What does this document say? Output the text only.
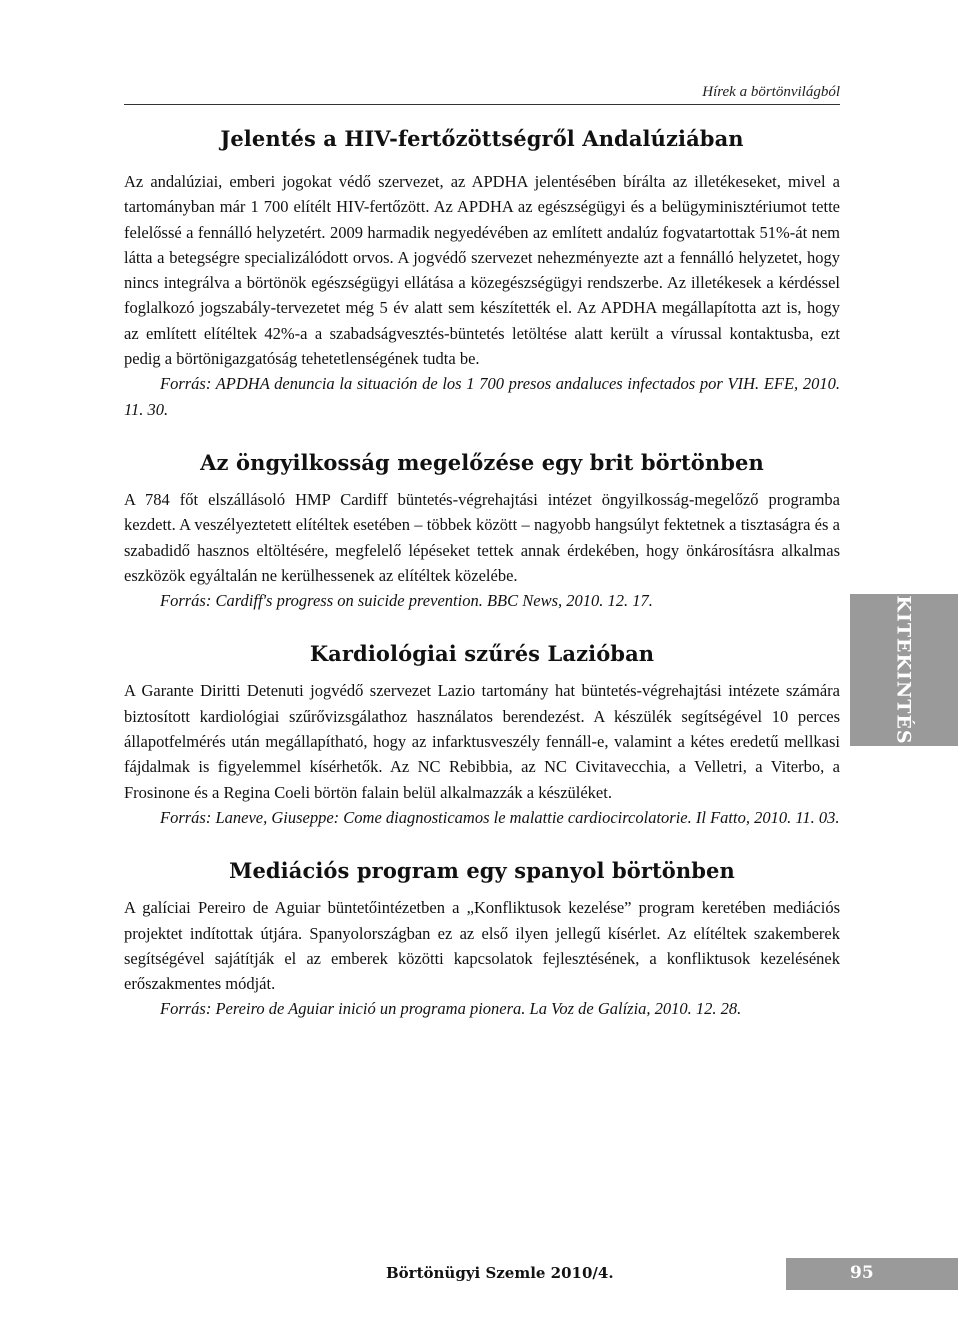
Hírek a börtönvilágból
Jelentés a HIV-fertőzöttségről Andalúziában

Az andalúziai, emberi jogokat védő szervezet, az APDHA jelentésében bírálta az illetékeseket, mivel a tartományban már 1 700 elítélt HIV-fertőzött. Az APDHA az egészségügyi és a belügyminisztériumot tette felelőssé a fennálló helyzetért. 2009 harmadik negyedévében az említett andalúz fogvatartottak 51%-át nem látta a betegségre specializálódott orvos. A jogvédő szervezet nehezményezte azt a fennálló helyzetet, hogy nincs integrálva a börtönök egészségügyi ellátása a közegészségügyi rendszerbe. Az illetékesek a kérdéssel foglalkozó jogszabály-tervezetet még 5 év alatt sem készítették el. Az APDHA megállapította azt is, hogy az említett elítéltek 42%-a a szabadságvesztés-büntetés letöltése alatt került a vírussal kontaktusba, ezt pedig a börtönigazgatóság tehetetlenségének tudta be.

Forrás: APDHA denuncia la situación de los 1 700 presos andaluces infectados por VIH. EFE, 2010. 11. 30.

Az öngyilkosság megelőzése egy brit börtönben

A 784 főt elszállásoló HMP Cardiff büntetés-végrehajtási intézet öngyilkosság-megelőző programba kezdett. A veszélyeztetett elítéltek esetében – többek között – nagyobb hangsúlyt fektetnek a tisztaságra és a szabadidő hasznos eltöltésére, megfelelő lépéseket tettek annak érdekében, hogy önkárosításra alkalmas eszközök egyáltalán ne kerülhessenek az elítéltek közelébe.

Forrás: Cardiff's progress on suicide prevention. BBC News, 2010. 12. 17.

Kardiológiai szűrés Lazióban

A Garante Diritti Detenuti jogvédő szervezet Lazio tartomány hat büntetés-végrehajtási intézete számára biztosított kardiológiai szűrővizsgálathoz használatos berendezést. A készülék segítségével 10 perces állapotfelmérés után megállapítható, hogy az infarktusveszély fennáll-e, valamint a kétes eredetű mellkasi fájdalmak is figyelemmel kísérhetők. Az NC Rebibbia, az NC Civitavecchia, a Velletri, a Viterbo, a Frosinone és a Regina Coeli börtön falain belül alkalmazzák a készüléket.

Forrás: Laneve, Giuseppe: Come diagnosticamos le malattie cardiocircolatorie. Il Fatto, 2010. 11. 03.

Mediációs program egy spanyol börtönben

A galíciai Pereiro de Aguiar büntetőintézetben a „Konfliktusok kezelése” program keretében mediációs projektet indítottak útjára. Spanyolországban ez az első ilyen jellegű kísérlet. Az elítéltek szakemberek segítségével sajátítják el az emberek közötti kapcsolatok fejlesztésének, a konfliktusok kezelésének erőszakmentes módját.

Forrás: Pereiro de Aguiar inició un programa pionera. La Voz de Galízia, 2010. 12. 28.

KITEKINTÉS
Börtönügyi Szemle 2010/4.	95
